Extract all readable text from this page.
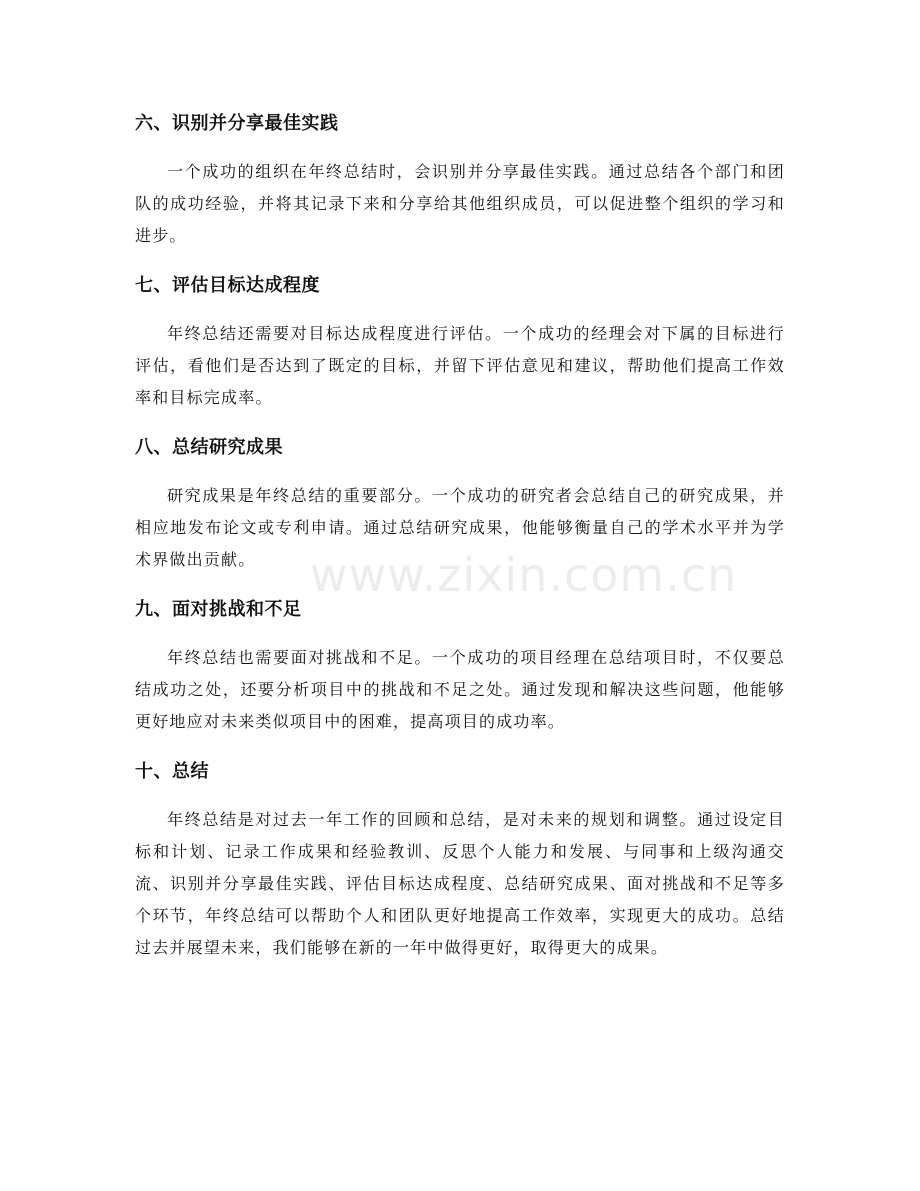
六、识别并分享最佳实践

一个成功的组织在年终总结时，会识别并分享最佳实践。通过总结各个部门和团队的成功经验，并将其记录下来和分享给其他组织成员，可以促进整个组织的学习和进步。

七、评估目标达成程度

年终总结还需要对目标达成程度进行评估。一个成功的经理会对下属的目标进行评估，看他们是否达到了既定的目标，并留下评估意见和建议，帮助他们提高工作效率和目标完成率。

八、总结研究成果

研究成果是年终总结的重要部分。一个成功的研究者会总结自己的研究成果，并相应地发布论文或专利申请。通过总结研究成果，他能够衡量自己的学术水平并为学术界做出贡献。

九、面对挑战和不足

年终总结也需要面对挑战和不足。一个成功的项目经理在总结项目时，不仅要总结成功之处，还要分析项目中的挑战和不足之处。通过发现和解决这些问题，他能够更好地应对未来类似项目中的困难，提高项目的成功率。

十、总结

年终总结是对过去一年工作的回顾和总结，是对未来的规划和调整。通过设定目标和计划、记录工作成果和经验教训、反思个人能力和发展、与同事和上级沟通交流、识别并分享最佳实践、评估目标达成程度、总结研究成果、面对挑战和不足等多个环节，年终总结可以帮助个人和团队更好地提高工作效率，实现更大的成功。总结过去并展望未来，我们能够在新的一年中做得更好，取得更大的成果。

www.zixin.com.cn
